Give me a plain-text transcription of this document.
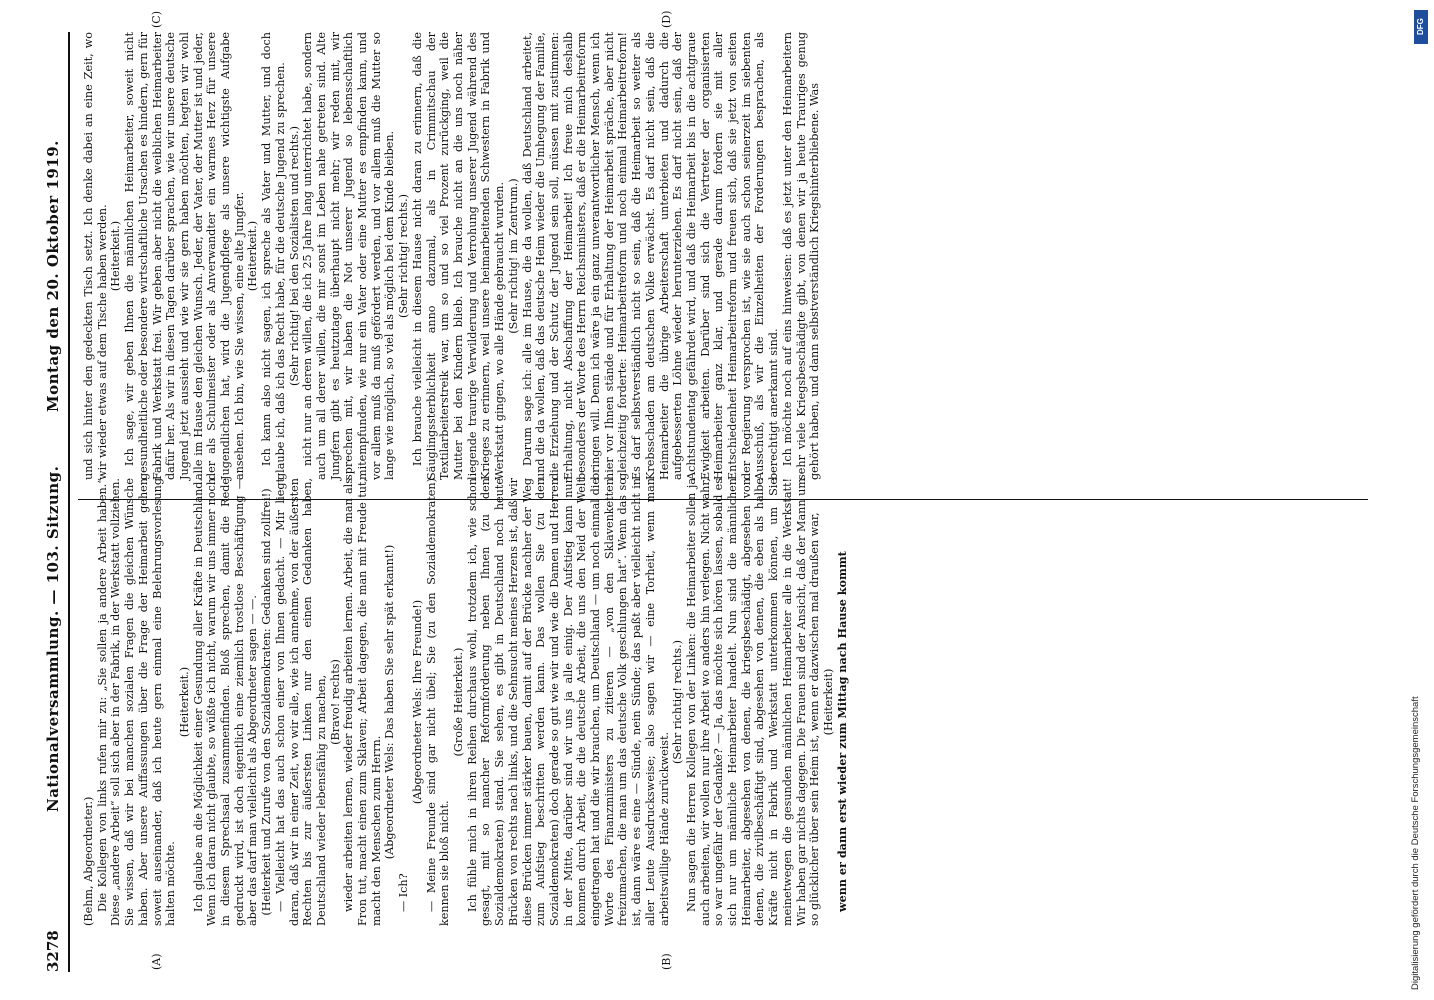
3278
Nationalversammlung. — 103. Sitzung.
Montag den 20. Oktober 1919.
(A)	(B)
(C)	(D)

(Behm, Abgeordneter.) Die Kollegen von links rufen mir zu: „Sie sollen ja andere Arbeit haben.“ Diese „andere Arbeit“ soll sich aber in der Fabrik, in der Werkstatt vollziehen. Sie wissen, daß wir bei manchen sozialen Fragen die gleichen Wünsche haben. Aber unsere Auffassungen über die Frage der Heimarbeit gehen soweit auseinander, daß ich heute gern einmal eine Belehrungsvorlesung halten möchte.

(Heiterkeit.) Ich glaube an die Möglichkeit einer Gesundung aller Kräfte in Deutschland. Wenn ich daran nicht glaubte, so wüßte ich nicht, warum wir uns immer noch in diesem Sprechsaal zusammenfinden. Bloß sprechen, damit die Rede gedruckt wird, ist doch eigentlich eine ziemlich trostlose Beschäftigung — aber das darf man vielleicht als Abgeordneter sagen — —. (Heiterkeit und Zurufe von den Sozialdemokraten: Gedanken sind zollfrei!) — Vielleicht hat das auch schon einer von Ihnen gedacht. — Mir liegt daran, daß wir in einer Zeit, wo wir alle, wie ich annehme, von der äußersten Rechten bis zur äußersten Linken nur den einen Gedanken haben, Deutschland wieder lebensfähig zu machen, (Bravo! rechts) wieder arbeiten lernen, wieder freudig arbeiten lernen. Arbeit, die man als Fron tut, macht einen zum Sklaven; Arbeit dagegen, die man mit Freude tut, macht den Menschen zum Herrn. (Abgeordneter Wels: Das haben Sie sehr spät erkannt!)

— Ich?

(Abgeordneter Wels: Ihre Freunde!) — Meine Freunde sind gar nicht übel; Sie (zu den Sozialdemokraten) kennen sie bloß nicht.

(Große Heiterkeit.) Ich fühle mich in ihren Reihen durchaus wohl, trotzdem ich, wie schon gesagt, mit so mancher Reformforderung neben Ihnen (zu den Sozialdemokraten) stand. Sie sehen, es gibt in Deutschland noch heute Brücken von rechts nach links, und die Sehnsucht meines Herzens ist, daß wir diese Brücken immer stärker bauen, damit auf der Brücke nachher der Weg zum Aufstieg beschritten werden kann. Das wollen Sie (zu den Sozialdemokraten) doch gerade so gut wie wir und wie die Damen und Herren in der Mitte, darüber sind wir uns ja alle einig. Der Aufstieg kann nur kommen durch Arbeit, die die deutsche Arbeit, die uns den Neid der Welt eingetragen hat und die wir brauchen, um Deutschland — um noch einmal die Worte des Finanzministers zu zitieren — „von den Sklavenketten freizumachen, die man um das deutsche Volk geschlungen hat“. Wenn das so ist, dann wäre es eine — Sünde, nein Sünde; das paßt aber vielleicht nicht in aller Leute Ausdrucksweise; also sagen wir — eine Torheit, wenn man arbeitswillige Hände zurückweist.

(Sehr richtig! rechts.) Nun sagen die Herren Kollegen von der Linken: die Heimarbeiter sollen ja auch arbeiten, wir wollen nur ihre Arbeit wo anders hin verlegen. Nicht wahr, so war ungefähr der Gedanke? — Ja, das möchte sich hören lassen, sobald es sich nur um männliche Heimarbeiter handelt. Nun sind die männlichen Heimarbeiter, abgesehen von denen, die kriegsbeschädigt, abgesehen von denen, die zivilbeschäftigt sind, abgesehen von denen, die eben als halbe Kräfte nicht in Fabrik und Werkstatt unterkommen können, um Sie meinetwegen die gesunden männlichen Heimarbeiter alle in die Werkstatt! Wir haben gar nichts dagegen. Die Frauen sind der Ansicht, daß der Mann um so glücklicher über sein Heim ist, wenn er dazwischen mal draußen war, (Heiterkeit) wenn er dann erst wieder zum Mittag nach Hause kommt

und sich hinter den gedeckten Tisch setzt. Ich denke dabei an eine Zeit, wo wir wieder etwas auf dem Tische haben werden. (Heiterkeit.) Ich sage, wir geben Ihnen die männlichen Heimarbeiter, soweit nicht gesundheitliche oder besondere wirtschaftliche Ursachen es hindern, gern für Fabrik und Werkstatt frei. Wir geben aber nicht die weiblichen Heimarbeiter dafür her. Als wir in diesen Tagen darüber sprachen, wie wir unsere deutsche Jugend jetzt aussieht und wie wir sie gern haben möchten, hegten wir wohl alle im Hause den gleichen Wunsch. Jeder, der Vater, der Mutter ist und jeder, der als Schulmeister oder als Anverwandter ein warmes Herz für unsere Jugendlichen hat, wird die Jugendpflege als unsere wichtigste Aufgabe ansehen. Ich bin, wie Sie wissen, eine alte Jungfer. (Heiterkeit.) Ich kann also nicht sagen, ich spreche als Vater und Mutter, und doch glaube ich, daß ich das Recht habe, für die deutsche Jugend zu sprechen. (Sehr richtig! bei den Sozialisten und rechts.) nicht nur an deren willen, die ich 25 Jahre lang unterrichtet habe, sondern auch um all derer willen, die mir sonst im Leben nahe getreten sind. Alte Jungfern gibt es heutzutage überhaupt nicht mehr; wir reden mit, wir sprechen mit, wir haben die Not unserer Jugend so lebensschaftlich mitempfunden, wie nur ein Vater oder eine Mutter es empfinden kann, und vor allem muß da muß gefördert werden, und vor allem muß die Mutter so lange wie möglich, so viel als möglich bei dem Kinde bleiben. (Sehr richtig! rechts.) Ich brauche vielleicht in diesem Hause nicht daran zu erinnern, daß die Säuglingssterblichkeit anno dazumal, als in Crimmitschau der Textilarbeiterstreik war, um so und so viel Prozent zurückging, weil die Mutter bei den Kindern blieb. Ich brauche nicht an die uns noch näher liegende traurige Verwilderung und Verrohung unserer Jugend während des Krieges zu erinnern, weil unsere heimarbeitenden Schwestern in Fabrik und Werkstatt gingen, wo alle Hände gebraucht wurden. (Sehr richtig! im Zentrum.) Darum sage ich: alle im Hause, die da wollen, daß Deutschland arbeitet, und die da wollen, daß das deutsche Heim wieder die Umhegung der Familie, die Erziehung und der Schutz der Jugend sein soll, müssen mit zustimmen: Erhaltung, nicht Abschaffung der Heimarbeit! Ich freue mich deshalb besonders der Worte des Herrn Reichsministers, daß er die Heimarbeitreform bringen will. Denn ich wäre ja ein ganz unverantwortlicher Mensch, wenn ich hier vor Ihnen stände und für Erhaltung der Heimarbeit spräche, aber nicht gleichzeitig forderte: Heimarbeitreform und noch einmal Heimarbeitreform! Es darf selbstverständlich nicht so sein, daß die Heimarbeit so weiter als Krebsschaden am deutschen Volke erwächst. Es darf nicht sein, daß die Heimarbeiter die übrige Arbeiterschaft unterbieten und dadurch die aufgebesserten Löhne wieder herunterziehen. Es darf nicht sein, daß der Achtstundentag gefährdet wird, und daß die Heimarbeit bis in die achtgraue Ewigkeit arbeiten. Darüber sind sich die Vertreter der organisierten Heimarbeiter ganz klar, und gerade darum fordern sie mit aller Entschiedenheit Heimarbeitreform und freuen sich, daß sie jetzt von seiten der Regierung versprochen ist, wie sie auch schon seinerzeit im siebenten Ausschuß, als wir die Einzelheiten der Forderungen besprachen, als berechtigt anerkannt sind. Ich möchte noch auf eins hinweisen: daß es jetzt unter den Heimarbeitern sehr viele Kriegsbeschädigte gibt, von denen wir ja heute Trauriges genug gehört haben, und dann selbstverständlich Kriegshinterbliebene. Was

Digitalisierung gefördert durch die Deutsche Forschungsgemeinschaft
DFG
